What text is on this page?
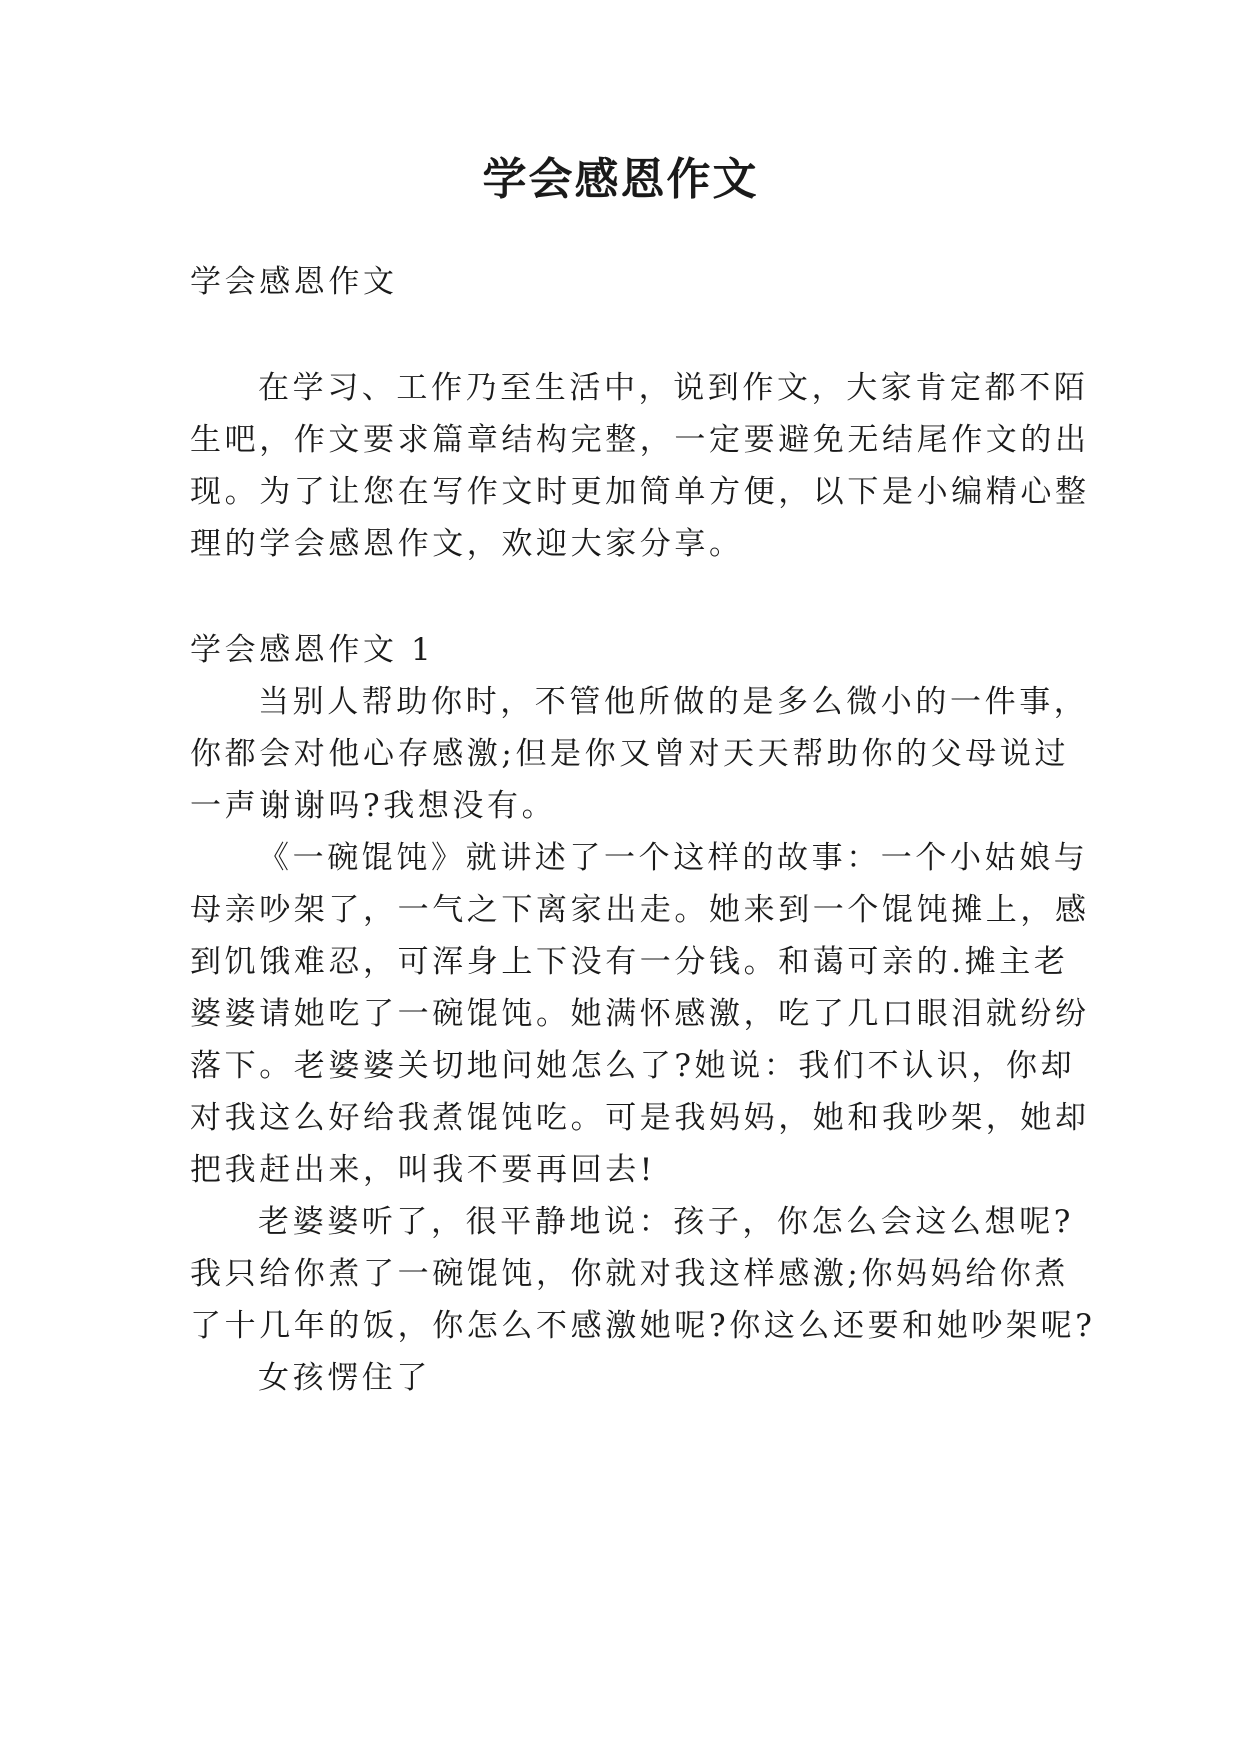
学会感恩作文

学会感恩作文

在学习、工作乃至生活中，说到作文，大家肯定都不陌

生吧，作文要求篇章结构完整，一定要避免无结尾作文的出

现。为了让您在写作文时更加简单方便，以下是小编精心整

理的学会感恩作文，欢迎大家分享。

学会感恩作文 1

当别人帮助你时，不管他所做的是多么微小的一件事，

你都会对他心存感激;但是你又曾对天天帮助你的父母说过

一声谢谢吗?我想没有。

《一碗馄饨》就讲述了一个这样的故事：一个小姑娘与

母亲吵架了，一气之下离家出走。她来到一个馄饨摊上，感

到饥饿难忍，可浑身上下没有一分钱。和蔼可亲的.摊主老

婆婆请她吃了一碗馄饨。她满怀感激，吃了几口眼泪就纷纷

落下。老婆婆关切地问她怎么了?她说：我们不认识，你却

对我这么好给我煮馄饨吃。可是我妈妈，她和我吵架，她却

把我赶出来，叫我不要再回去!

老婆婆听了，很平静地说：孩子，你怎么会这么想呢?

我只给你煮了一碗馄饨，你就对我这样感激;你妈妈给你煮

了十几年的饭，你怎么不感激她呢?你这么还要和她吵架呢?

女孩愣住了
